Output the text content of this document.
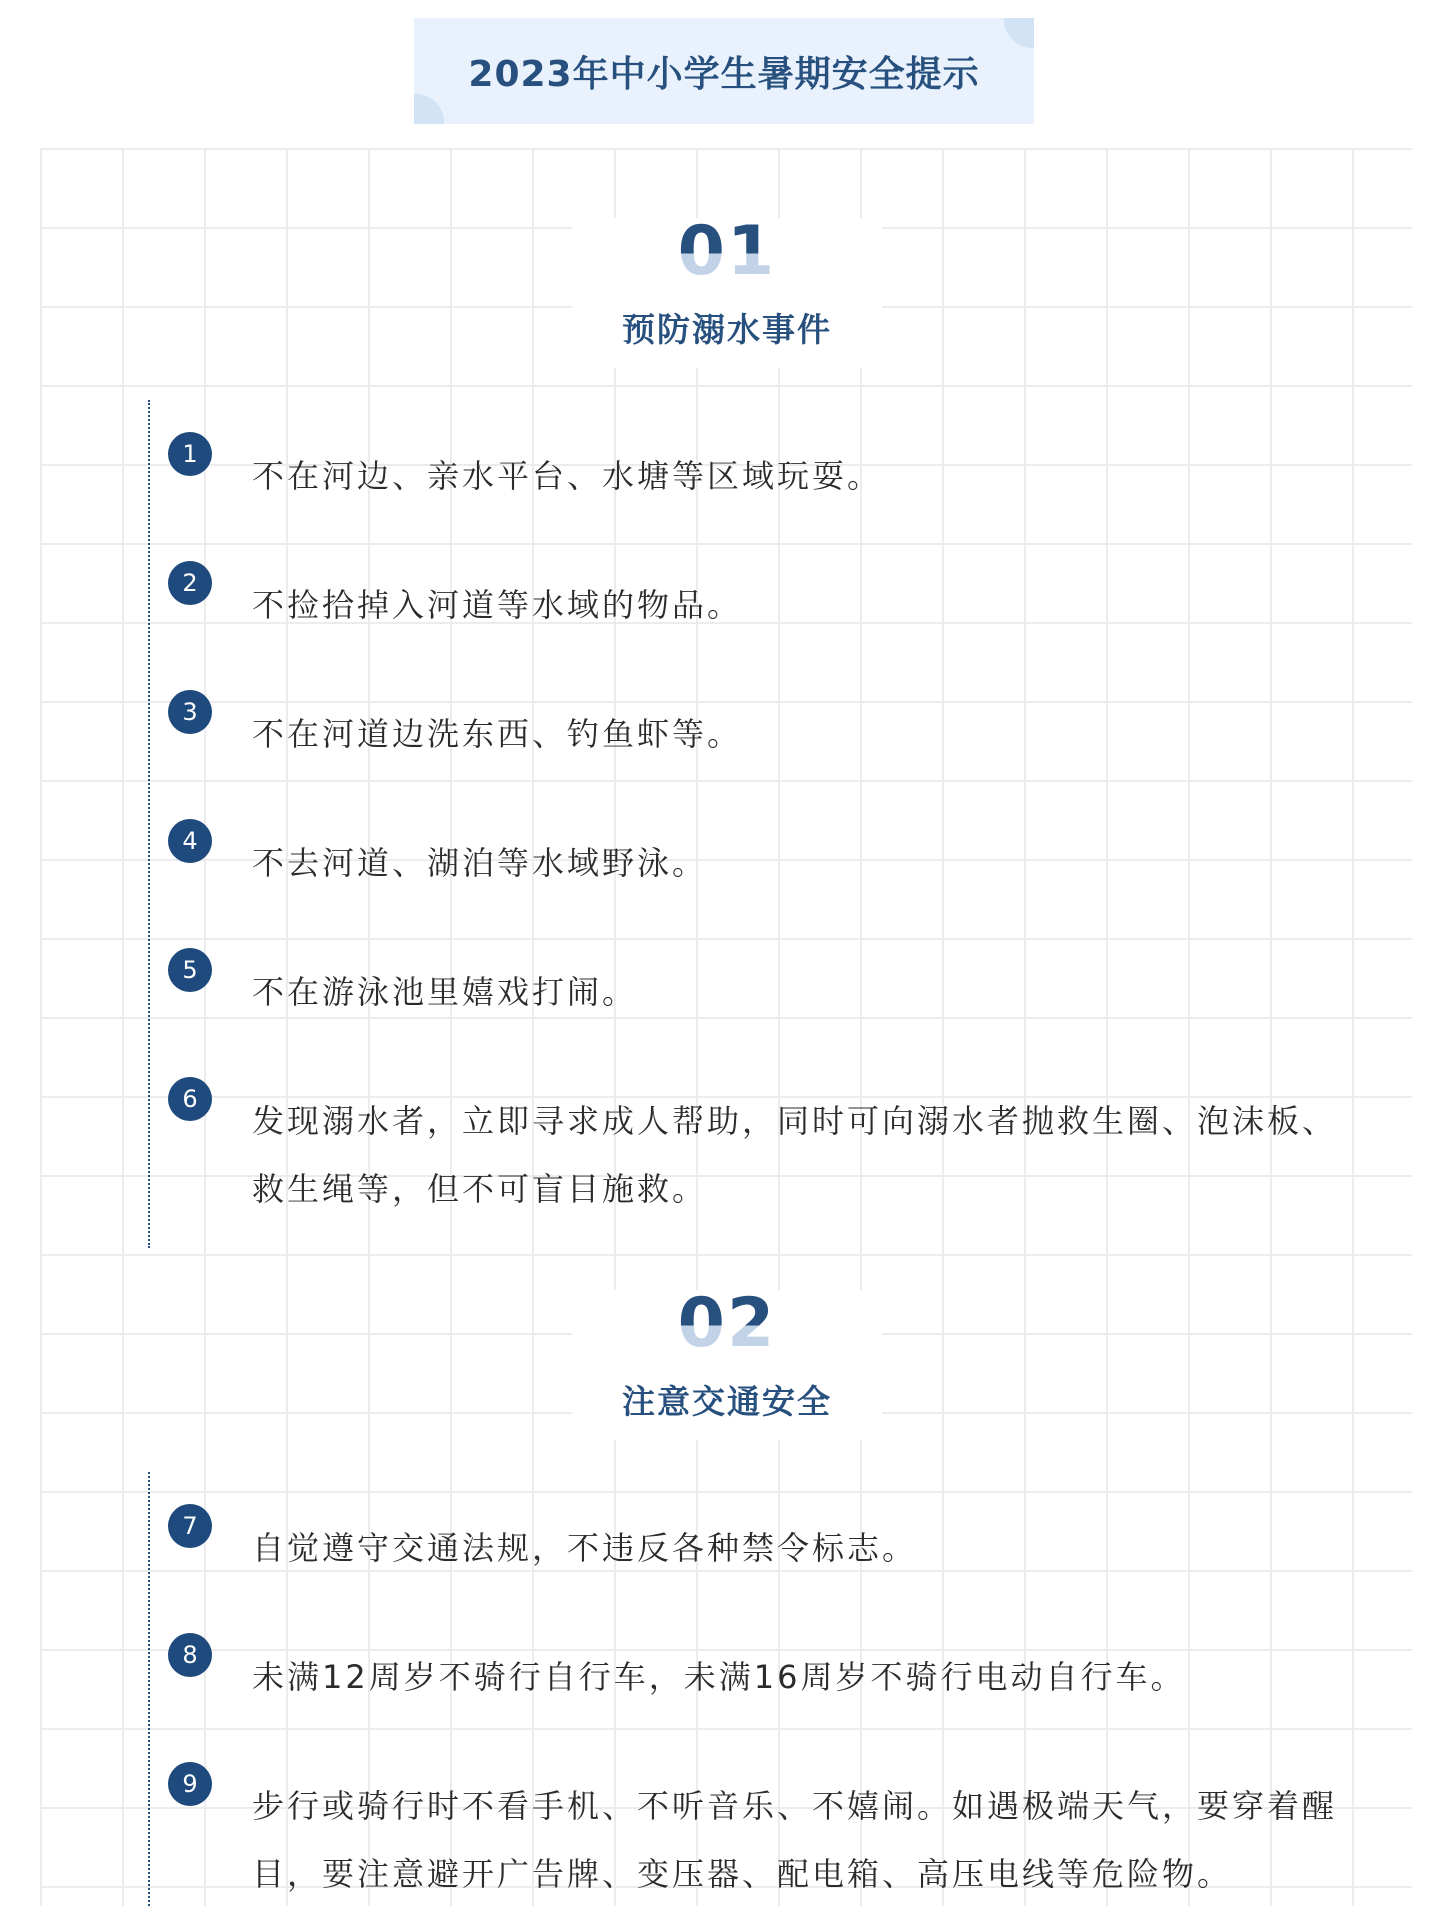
2023年中小学生暑期安全提示
01
预防溺水事件
1
不在河边、亲水平台、水塘等区域玩耍。
2
不捡拾掉入河道等水域的物品。
3
不在河道边洗东西、钓鱼虾等。
4
不去河道、湖泊等水域野泳。
5
不在游泳池里嬉戏打闹。
6
发现溺水者，立即寻求成人帮助，同时可向溺水者抛救生圈、泡沫板、救生绳等，但不可盲目施救。
02
注意交通安全
7
自觉遵守交通法规，不违反各种禁令标志。
8
未满12周岁不骑行自行车，未满16周岁不骑行电动自行车。
9
步行或骑行时不看手机、不听音乐、不嬉闹。如遇极端天气，要穿着醒目，要注意避开广告牌、变压器、配电箱、高压电线等危险物。
